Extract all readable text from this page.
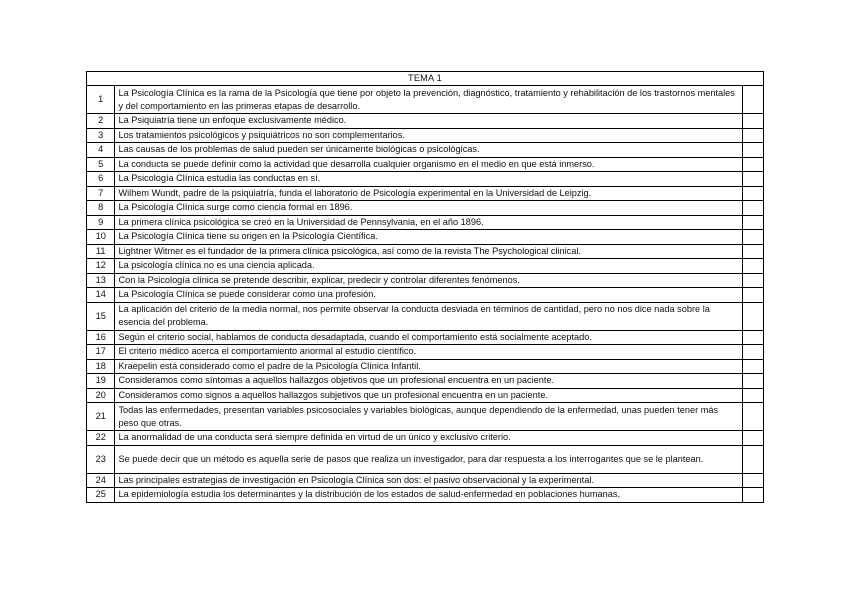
TEMA 1		
1	La Psicología Clínica es la rama de la Psicología que tiene por objeto la prevención, diagnóstico, tratamiento y rehabilitación de los trastornos mentales y del comportamiento en las primeras etapas de desarrollo.	
2	La Psiquiatría tiene un enfoque exclusivamente médico.	
3	Los tratamientos psicológicos y psiquiátricos no son complementarios.	
4	Las causas de los problemas de salud pueden ser únicamente biológicas o psicológicas.	
5	La conducta se puede definir como la actividad que desarrolla cualquier organismo en el medio en que está inmerso.	
6	La Psicología Clínica estudia las conductas en sí.	
7	Wilhem Wundt, padre de la psiquiatría, funda el laboratorio de Psicología experimental en la Universidad de Leipzig.	
8	La Psicología Clínica surge como ciencia formal en 1896.	
9	La primera clínica psicológica se creó en la Universidad de Pennsylvania, en el año 1896.	
10	La Psicología Clínica tiene su origen en la Psicología Científica.	
11	Lightner Witmer es el fundador de la primera clínica psicológica, así como de la revista The Psychological clinical.	
12	La psicología clínica no es una ciencia aplicada.	
13	Con la Psicología clínica se pretende describir, explicar, predecir y controlar diferentes fenómenos.	
14	La Psicología Clínica se puede considerar como una profesión.	
15	La aplicación del criterio de la media normal, nos permite observar la conducta desviada en términos de cantidad, pero no nos dice nada sobre la esencia del problema.	
16	Según el criterio social, hablamos de conducta desadaptada, cuando el comportamiento está socialmente aceptado.	
17	El criterio médico acerca el comportamiento anormal al estudio científico.	
18	Kraepelin está considerado como el padre de la Psicología Clínica Infantil.	
19	Consideramos como síntomas a aquellos hallazgos objetivos que un profesional encuentra en un paciente.	
20	Consideramos como signos a aquellos hallazgos subjetivos que un profesional encuentra en un paciente.	
21	Todas las enfermedades, presentan variables psicosociales y variables biológicas, aunque dependiendo de la enfermedad, unas pueden tener más peso que otras.	
22	La anormalidad de una conducta será siempre definida en virtud de un único y exclusivo criterio.	
23	Se puede decir que un método es aquella serie de pasos que realiza un investigador, para dar respuesta a los interrogantes que se le plantean.	
24	Las principales estrategias de investigación en Psicología Clínica son dos: el pasivo observacional y la experimental.	
25	La epidemiología estudia los determinantes y la distribución de los estados de salud-enfermedad en poblaciones humanas.	
